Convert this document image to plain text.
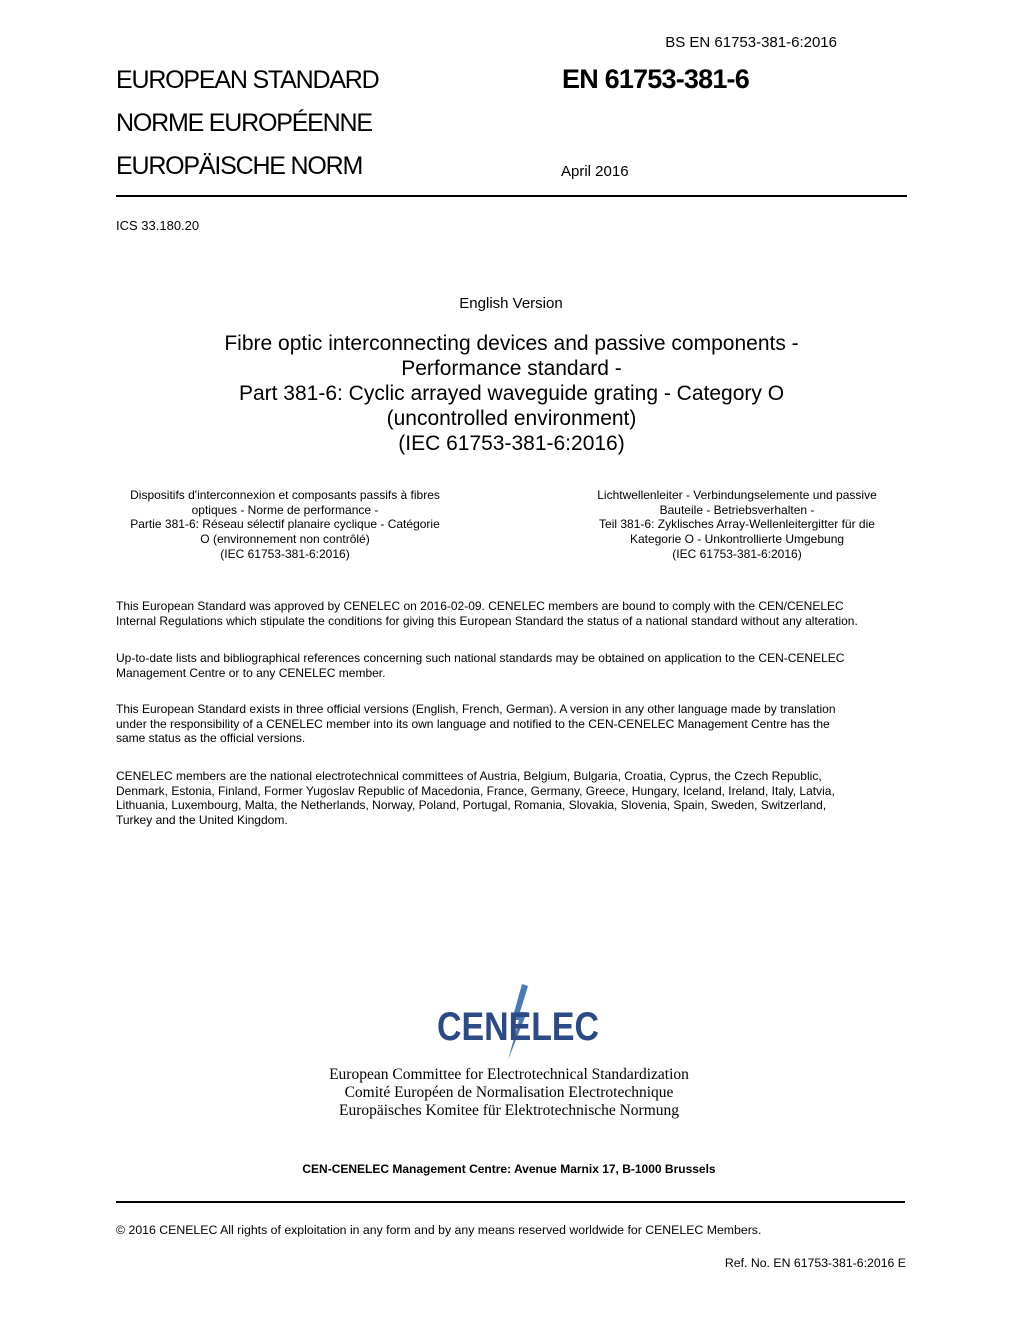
BS EN 61753-381-6:2016
EUROPEAN STANDARD
NORME EUROPÉENNE
EUROPÄISCHE NORM
EN 61753-381-6
April 2016
ICS 33.180.20
English Version
Fibre optic interconnecting devices and passive components -
Performance standard -
Part 381-6: Cyclic arrayed waveguide grating - Category O
(uncontrolled environment)
(IEC 61753-381-6:2016)
Dispositifs d'interconnexion et composants passifs à fibres
optiques - Norme de performance -
Partie 381-6: Réseau sélectif planaire cyclique - Catégorie
O (environnement non contrôlé)
(IEC 61753-381-6:2016)
Lichtwellenleiter - Verbindungselemente und passive
Bauteile - Betriebsverhalten -
Teil 381-6: Zyklisches Array-Wellenleitergitter für die
Kategorie O - Unkontrollierte Umgebung
(IEC 61753-381-6:2016)
This European Standard was approved by CENELEC on 2016-02-09. CENELEC members are bound to comply with the CEN/CENELEC
Internal Regulations which stipulate the conditions for giving this European Standard the status of a national standard without any alteration.
Up-to-date lists and bibliographical references concerning such national standards may be obtained on application to the CEN-CENELEC
Management Centre or to any CENELEC member.
This European Standard exists in three official versions (English, French, German). A version in any other language made by translation
under the responsibility of a CENELEC member into its own language and notified to the CEN-CENELEC Management Centre has the
same status as the official versions.
CENELEC members are the national electrotechnical committees of Austria, Belgium, Bulgaria, Croatia, Cyprus, the Czech Republic,
Denmark, Estonia, Finland, Former Yugoslav Republic of Macedonia, France, Germany, Greece, Hungary, Iceland, Ireland, Italy, Latvia,
Lithuania, Luxembourg, Malta, the Netherlands, Norway, Poland, Portugal, Romania, Slovakia, Slovenia, Spain, Sweden, Switzerland,
Turkey and the United Kingdom.
CENELEC
European Committee for Electrotechnical Standardization
Comité Européen de Normalisation Electrotechnique
Europäisches Komitee für Elektrotechnische Normung
CEN-CENELEC Management Centre: Avenue Marnix 17, B-1000 Brussels
© 2016 CENELEC All rights of exploitation in any form and by any means reserved worldwide for CENELEC Members.
Ref. No. EN 61753-381-6:2016 E
